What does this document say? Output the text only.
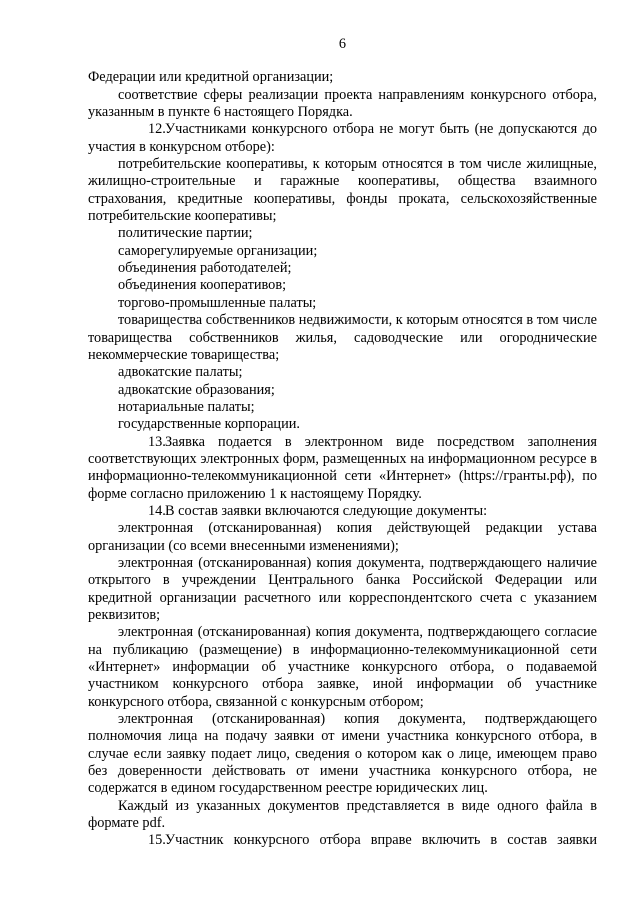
6

Федерации или кредитной организации;

соответствие сферы реализации проекта направлениям конкурсного отбора, указанным в пункте 6 настоящего Порядка.

12.Участниками конкурсного отбора не могут быть (не допускаются до участия в конкурсном отборе):

потребительские кооперативы, к которым относятся в том числе жилищные, жилищно-строительные и гаражные кооперативы, общества взаимного страхования, кредитные кооперативы, фонды проката, сельскохозяйственные потребительские кооперативы;

политические партии;

саморегулируемые организации;

объединения работодателей;

объединения кооперативов;

торгово-промышленные палаты;

товарищества собственников недвижимости, к которым относятся в том числе товарищества собственников жилья, садоводческие или огороднические некоммерческие товарищества;

адвокатские палаты;

адвокатские образования;

нотариальные палаты;

государственные корпорации.

13.Заявка подается в электронном виде посредством заполнения соответствующих электронных форм, размещенных на информационном ресурсе в информационно-телекоммуникационной сети «Интернет» (https://гранты.рф), по форме согласно приложению 1 к настоящему Порядку.

14.В состав заявки включаются следующие документы:

электронная (отсканированная) копия действующей редакции устава организации (со всеми внесенными изменениями);

электронная (отсканированная) копия документа, подтверждающего наличие открытого в учреждении Центрального банка Российской Федерации или кредитной организации расчетного или корреспондентского счета с указанием реквизитов;

электронная (отсканированная) копия документа, подтверждающего согласие на публикацию (размещение) в информационно-телекоммуникационной сети «Интернет» информации об участнике конкурсного отбора, о подаваемой участником конкурсного отбора заявке, иной информации об участнике конкурсного отбора, связанной с конкурсным отбором;

электронная (отсканированная) копия документа, подтверждающего полномочия лица на подачу заявки от имени участника конкурсного отбора, в случае если заявку подает лицо, сведения о котором как о лице, имеющем право без доверенности действовать от имени участника конкурсного отбора, не содержатся в едином государственном реестре юридических лиц.

Каждый из указанных документов представляется в виде одного файла в формате pdf.

15.Участник конкурсного отбора вправе включить в состав заявки
